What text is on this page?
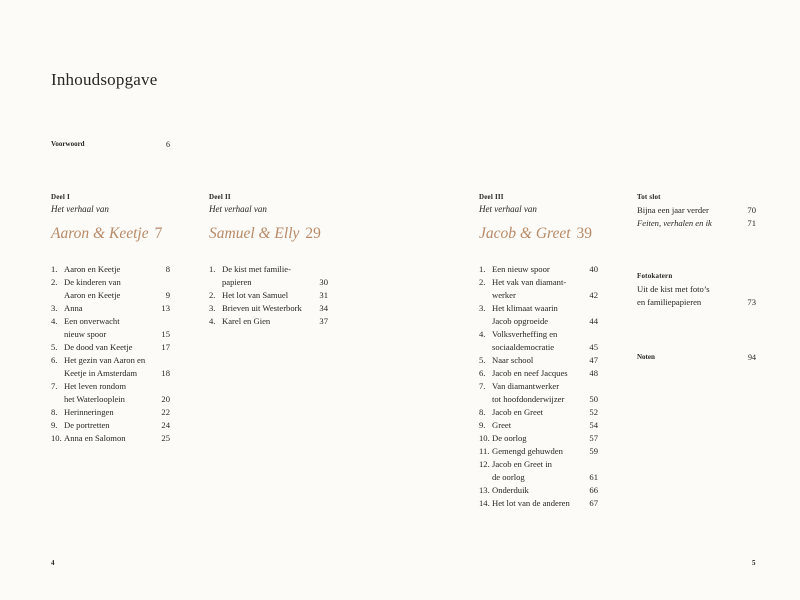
Inhoudsopgave
Voorwoord	6
Deel I
Het verhaal van
Aaron & Keetje 7
1. Aaron en Keetje	8
2. De kinderen van
Aaron en Keetje	9
3. Anna	13
4. Een onverwacht
nieuw spoor	15
5. De dood van Keetje	17
6. Het gezin van Aaron en
Keetje in Amsterdam	18
7. Het leven rondom
het Waterlooplein	20
8. Herinneringen	22
9. De portretten	24
10. Anna en Salomon	25
Deel II
Het verhaal van
Samuel & Elly 29
1. De kist met familie-
papieren	30
2. Het lot van Samuel	31
3. Brieven uit Westerbork	34
4. Karel en Gien	37
Deel III
Het verhaal van
Jacob & Greet 39
1. Een nieuw spoor	40
2. Het vak van diamant-
werker	42
3. Het klimaat waarin
Jacob opgroeide	44
4. Volksverheffing en
sociaaldemocratie	45
5. Naar school	47
6. Jacob en neef Jacques	48
7. Van diamantwerker
tot hoofdonderwijzer	50
8. Jacob en Greet	52
9. Greet	54
10. De oorlog	57
11. Gemengd gehuwden	59
12. Jacob en Greet in
de oorlog	61
13. Onderduik	66
14. Het lot van de anderen	67
Tot slot
Bijna een jaar verder	70
Feiten, verhalen en ik	71
Fotokatern
Uit de kist met foto’s
en familiepapieren	73
Noten	94
4	5
